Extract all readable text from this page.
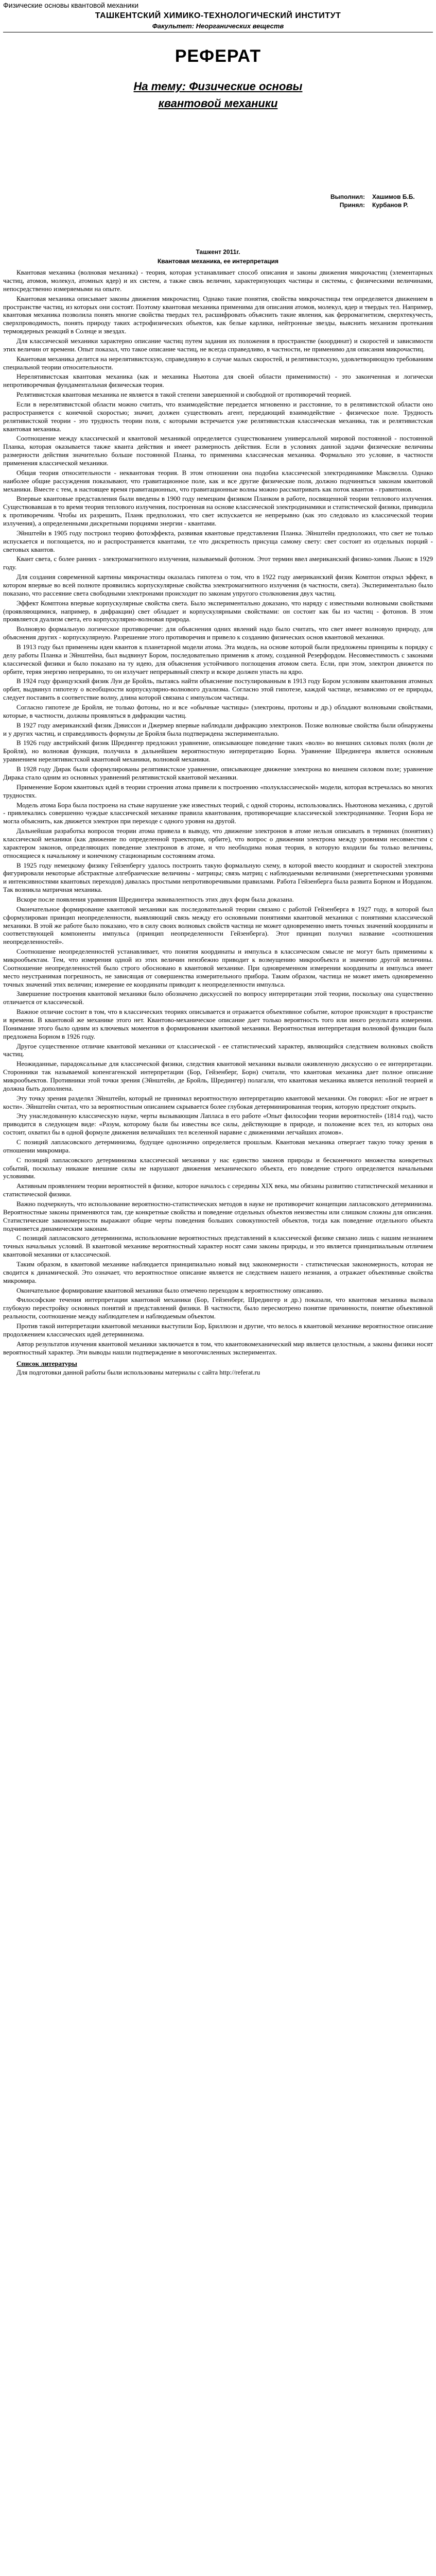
Физические основы квантовой механики
ТАШКЕНТСКИЙ ХИМИКО-ТЕХНОЛОГИЧЕСКИЙ ИНСТИТУТ
Факультет: Неорганических веществ
РЕФЕРАТ
На тему: Физические основы
квантовой механики
Выполнил: Хашимов Б.Б.
Принял: Курбанов Р.
Ташкент 2011г.
Квантовая механика, ее интерпретация

Квантовая механика (волновая механика) - теория, которая устанавливает способ описания и законы движения микрочастиц (элементарных частиц, атомов, молекул, атомных ядер) и их систем, а также связь величин, характеризующих частицы и системы, с физическими величинами, непосредственно измеряемыми на опыте.

Квантовая механика описывает законы движения микрочастиц. Однако такие понятия, свойства микрочастицы тем определяется движением в пространстве частиц, из которых они состоят. Поэтому квантовая механика применима для описания атомов, молекул, ядер и твердых тел. Например, квантовая механика позволила понять многие свойства твердых тел, расшифровать объяснить такие явления, как ферромагнетизм, сверхтекучесть, сверхпроводимость, понять природу таких астрофизических объектов, как белые карлики, нейтронные звезды, выяснить механизм протекания термоядерных реакций в Солнце и звездах.

Для классической механики характерно описание частиц путем задания их положения в пространстве (координат) и скоростей и зависимости этих величин от времени. Опыт показал, что такое описание частиц, не всегда справедливо, в частности, не применимо для описания микрочастиц.

Квантовая механика делится на нерелятивистскую, справедливую в случае малых скоростей, и релятивистскую, удовлетворяющую требованиям специальной теории относительности.

Нерелятивистская квантовая механика (как и механика Ньютона для своей области применимости) - это законченная и логически непротиворечивая фундаментальная физическая теория.

Релятивистская квантовая механика не является в такой степени завершенной и свободной от противоречий теорией.

Если в нерелятивистской области можно считать, что взаимодействие передается мгновенно и расстояние, то в релятивистской области оно распространяется с конечной скоростью; значит, должен существовать агент, передающий взаимодействие - физическое поле. Трудность релятивистской теории - это трудность теории поля, с которыми встречается уже релятивистская классическая механика, так и релятивистская квантовая механика.

Соотношение между классической и квантовой механикой определяется существованием универсальной мировой постоянной - постоянной Планка, которая оказывается также кванта действия и имеет размерность действия. Если в условиях данной задачи физические величины размерности действия значительно больше постоянной Планка, то применима классическая механика. Формально это условие, в частности применения классической механики.

Общая теория относительности - неквантовая теория. В этом отношении она подобна классической электродинамике Максвелла. Однако наиболее общие рассуждения показывают, что гравитационное поле, как и все другие физические поля, должно подчиняться законам квантовой механики. Вместе с тем, в настоящее время гравитационных, что гравитационные волны можно рассматривать как поток квантов - гравитонов.

Впервые квантовые представления были введены в 1900 году немецким физиком Планком в работе, посвященной теории теплового излучения. Существовавшая в то время теория теплового излучения, построенная на основе классической электродинамики и статистической физики, приводила к противоречиям. Чтобы их разрешить, Планк предположил, что свет испускается не непрерывно (как это следовало из классической теории излучения), а определенными дискретными порциями энергии - квантами.

Эйнштейн в 1905 году построил теорию фотоэффекта, развивая квантовые представления Планка. Эйнштейн предположил, что свет не только испускается и поглощается, но и распространяется квантами, т.е что дискретность присуща самому свету: свет состоит из отдельных порций - световых квантов.

Квант света, с более ранних - электромагнитного излучения, называемый фотоном. Этот термин ввел американский физико-химик Льюис в 1929 году.

Для создания современной картины микрочастицы оказалась гипотеза о том, что в 1922 году американский физик Комптон открыл эффект, в котором впервые во всей полноте проявились корпускулярные свойства электромагнитного излучения (в частности, света). Экспериментально было показано, что рассеяние света свободными электронами происходит по законам упругого столкновения двух частиц.

Эффект Комптона впервые корпускулярные свойства света. Было экспериментально доказано, что наряду с известными волновыми свойствами (проявляющимися, например, в дифракции) свет обладает и корпускулярными свойствами: он состоит как бы из частиц - фотонов. В этом проявляется дуализм света, его корпускулярно-волновая природа.

Волновую формальную логическое противоречие: для объяснения одних явлений надо было считать, что свет имеет волновую природу, для объяснения других - корпускулярную. Разрешение этого противоречия и привело к созданию физических основ квантовой механики.

В 1913 году был применены идеи квантов к планетарной модели атома. Эта модель, на основе которой были предложены принципы к порядку с делу работы Планка и Эйнштейна, был выдвинут Бором, последовательно применив к атому, созданной Резерфордом. Несовместимость с законами классической физики и было показано на ту идею, для объяснения устойчивого поглощения атомом света. Если, при этом, электрон движется по орбите, теряя энергию непрерывно, то он излучает непрерывный спектр и вскоре должен упасть на ядро.

В 1924 году французский физик Луи де Бройль, пытаясь найти объяснение постулированным в 1913 году Бором условиям квантования атомных орбит, выдвинул гипотезу о всеобщности корпускулярно-волнового дуализма. Согласно этой гипотезе, каждой частице, независимо от ее природы, следует поставить в соответствие волну, длина которой связана с импульсом частицы.

Согласно гипотезе де Бройля, не только фотоны, но и все «обычные частицы» (электроны, протоны и др.) обладают волновыми свойствами, которые, в частности, должны проявляться в дифракции частиц.

В 1927 году американский физик Дэвиссон и Джермер впервые наблюдали дифракцию электронов. Позже волновые свойства были обнаружены и у других частиц, и справедливость формулы де Бройля была подтверждена экспериментально.

В 1926 году австрийский физик Шредингер предложил уравнение, описывающее поведение таких «волн» во внешних силовых полях (волн де Бройля), но волновая функция, получила в дальнейшем вероятностную интерпретацию Борна. Уравнение Шредингера является основным уравнением нерелятивистской квантовой механики, волновой механики.

В 1928 году Дирак были сформулированы релятивистское уравнение, описывающее движение электрона во внешнем силовом поле; уравнение Дирака стало одним из основных уравнений релятивистской квантовой механики.

Применение Бором квантовых идей в теории строения атома привели к построению «полуклассической» модели, которая встречалась во многих трудностях.

Модель атома Бора была построена на стыке нарушение уже известных теорий, с одной стороны, использовались. Ньютонова механика, с другой - привлекались совершенно чуждые классической механике правила квантования, противоречащие классической электродинамике. Теория Бора не могла объяснить, как движется электрон при переходе с одного уровня на другой.

Дальнейшая разработка вопросов теории атома привела в выводу, что движение электронов в атоме нельзя описывать в терминах (понятиях) классической механики (как движение по определенной траектории, орбите), что вопрос о движении электрона между уровнями несовместим с характером законов, определяющих поведение электронов в атоме, и что необходима новая теория, в которую входили бы только величины, относящиеся к начальному и конечному стационарным состояниям атома.

В 1925 году немецкому физику Гейзенбергу удалось построить такую формальную схему, в которой вместо координат и скоростей электрона фигурировали некоторые абстрактные алгебраические величины - матрицы; связь матриц с наблюдаемыми величинами (энергетическими уровнями и интенсивностями квантовых переходов) давалась простыми непротиворечивыми правилами. Работа Гейзенберга была развита Борном и Иорданом. Так возникла матричная механика.

Вскоре после появления уравнения Шредингера эквивалентность этих двух форм была доказана.

Окончательное формирование квантовой механики как последовательной теории связано с работой Гейзенберга в 1927 году, в которой был сформулирован принцип неопределенности, выявляющий связь между его основными понятиями квантовой механики с понятиями классической механики. В этой же работе было показано, что в силу своих волновых свойств частица не может одновременно иметь точных значений координаты и соответствующей компоненты импульса (принцип неопределенности Гейзенберга). Этот принцип получил название «соотношения неопределенностей».

Соотношение неопределенностей устанавливает, что понятия координаты и импульса в классическом смысле не могут быть применимы к микрообъектам. Тем, что измерения одной из этих величин неизбежно приводит к возмущению микрообъекта и значению другой величины. Соотношение неопределенностей было строго обосновано в квантовой механике. При одновременном измерении координаты и импульса имеет место неустранимая погрешность, не зависящая от совершенства измерительного прибора. Таким образом, частица не может иметь одновременно точных значений этих величин; измерение ее координаты приводит к неопределенности импульса.

Завершение построения квантовой механики было обозначено дискуссией по вопросу интерпретации этой теории, поскольку она существенно отличается от классической.

Важное отличие состоит в том, что в классических теориях описывается и отражается объективное событие, которое происходит в пространстве и времени. В квантовой же механике этого нет. Квантово-механическое описание дает только вероятность того или иного результата измерения. Понимание этого было одним из ключевых моментов в формировании квантовой механики. Вероятностная интерпретация волновой функции была предложена Борном в 1926 году.

Другое существенное отличие квантовой механики от классической - ее статистический характер, являющийся следствием волновых свойств частиц.

Неожиданные, парадоксальные для классической физики, следствия квантовой механики вызвали оживленную дискуссию о ее интерпретации. Сторонники так называемой копенгагенской интерпретации (Бор, Гейзенберг, Борн) считали, что квантовая механика дает полное описание микрообъектов. Противники этой точки зрения (Эйнштейн, де Бройль, Шредингер) полагали, что квантовая механика является неполной теорией и должна быть дополнена.

Эту точку зрения разделял Эйнштейн, который не принимал вероятностную интерпретацию квантовой механики. Он говорил: «Бог не играет в кости». Эйнштейн считал, что за вероятностным описанием скрывается более глубокая детерминированная теория, которую предстоит открыть.

Эту унаследованную классическую науке, черты вызывающим Лапласа в его работе «Опыт философии теории вероятностей» (1814 год), часто приводится в следующем виде: «Разум, которому были бы известны все силы, действующие в природе, и положение всех тел, из которых она состоит, охватил бы в одной формуле движения величайших тел вселенной наравне с движениями легчайших атомов».

С позиций лапласовского детерминизма, будущее однозначно определяется прошлым. Квантовая механика отвергает такую точку зрения в отношении микромира.

С позиций лапласовского детерминизма классической механики у нас единство законов природы и бесконечного множества конкретных событий, поскольку никакие внешние силы не нарушают движения механического объекта, его поведение строго определяется начальными условиями.

Активным проявлением теории вероятностей в физике, которое началось с середины XIX века, мы обязаны развитию статистической механики и статистической физики.

Важно подчеркнуть, что использование вероятностно-статистических методов в науке не противоречит концепции лапласовского детерминизма. Вероятностные законы применяются там, где конкретные свойства и поведение отдельных объектов неизвестны или слишком сложны для описания. Статистические закономерности выражают общие черты поведения больших совокупностей объектов, тогда как поведение отдельного объекта подчиняется динамическим законам.

С позиций лапласовского детерминизма, использование вероятностных представлений в классической физике связано лишь с нашим незнанием точных начальных условий. В квантовой механике вероятностный характер носят сами законы природы, и это является принципиальным отличием квантовой механики от классической.

Таким образом, в квантовой механике наблюдается принципиально новый вид закономерности - статистическая закономерность, которая не сводится к динамической. Это означает, что вероятностное описание является не следствием нашего незнания, а отражает объективные свойства микромира.

Окончательное формирование квантовой механики было отмечено переходом к вероятностному описанию.

Философские течения интерпретации квантовой механики (Бор, Гейзенберг, Шредингер и др.) показали, что квантовая механика вызвала глубокую перестройку основных понятий и представлений физики. В частности, было пересмотрено понятие причинности, понятие объективной реальности, соотношение между наблюдателем и наблюдаемым объектом.

Против такой интерпретации квантовой механики выступили Бор, Бриллюэн и другие, что велось в квантовой механике вероятностное описание продолжением классических идей детерминизма.

Автор результатов изучения квантовой механики заключается в том, что квантовомеханический мир является целостным, а законы физики носят вероятностный характер. Эти выводы нашли подтверждение в многочисленных экспериментах.

Список литературы

Для подготовки данной работы были использованы материалы с сайта http://referat.ru
